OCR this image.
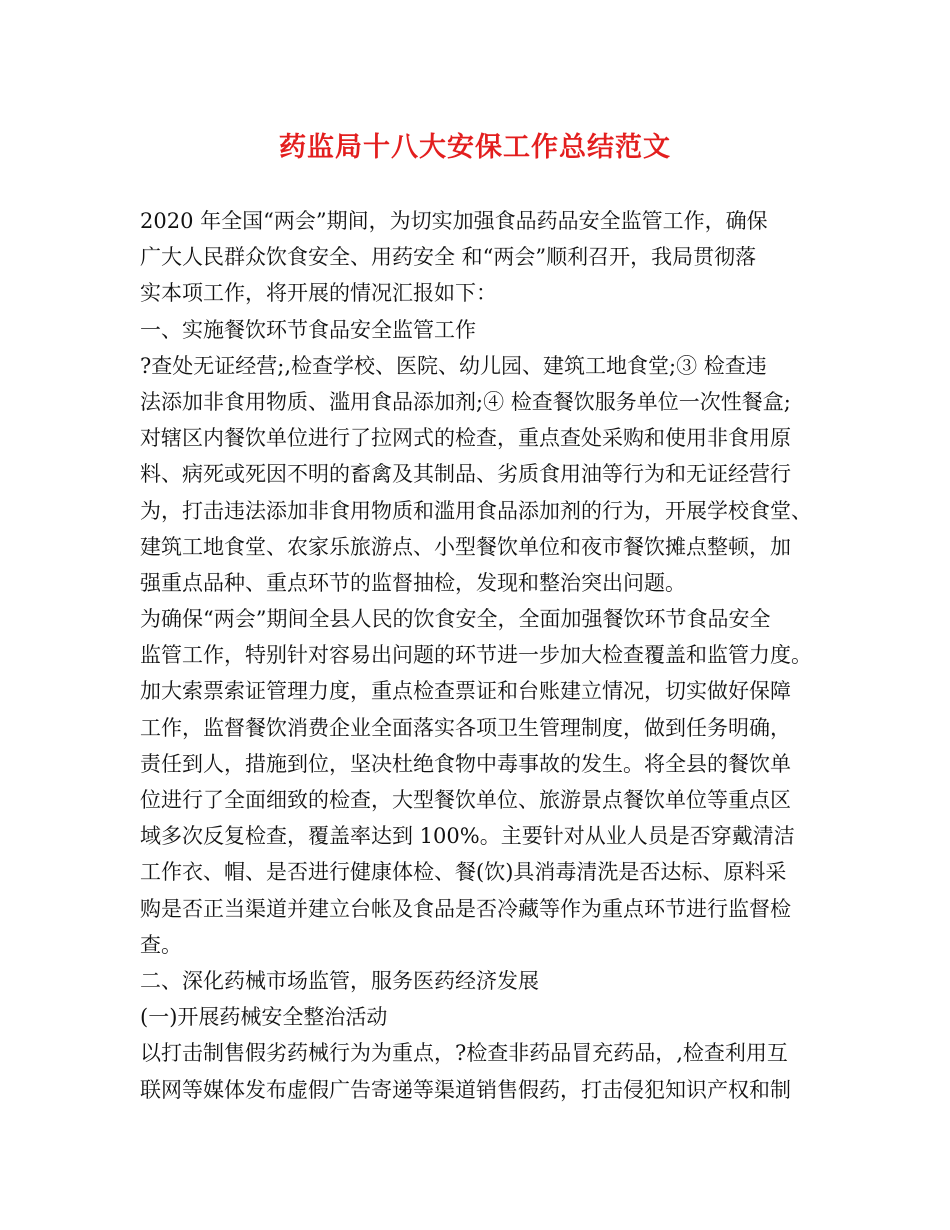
药监局十八大安保工作总结范文
2020 年全国“两会”期间，为切实加强食品药品安全监管工作，确保
广大人民群众饮食安全、用药安全 和“两会”顺利召开，我局贯彻落
实本项工作，将开展的情况汇报如下：
一、实施餐饮环节食品安全监管工作
?查处无证经营;,检查学校、医院、幼儿园、建筑工地食堂;③ 检查违
法添加非食用物质、滥用食品添加剂;④ 检查餐饮服务单位一次性餐盒;
对辖区内餐饮单位进行了拉网式的检查，重点查处采购和使用非食用原
料、病死或死因不明的畜禽及其制品、劣质食用油等行为和无证经营行
为，打击违法添加非食用物质和滥用食品添加剂的行为，开展学校食堂、
建筑工地食堂、农家乐旅游点、小型餐饮单位和夜市餐饮摊点整顿，加
强重点品种、重点环节的监督抽检，发现和整治突出问题。
为确保“两会”期间全县人民的饮食安全，全面加强餐饮环节食品安全
监管工作，特别针对容易出问题的环节进一步加大检查覆盖和监管力度。
加大索票索证管理力度，重点检查票证和台账建立情况，切实做好保障
工作，监督餐饮消费企业全面落实各项卫生管理制度，做到任务明确，
责任到人，措施到位，坚决杜绝食物中毒事故的发生。将全县的餐饮单
位进行了全面细致的检查，大型餐饮单位、旅游景点餐饮单位等重点区
域多次反复检查，覆盖率达到 100%。主要针对从业人员是否穿戴清洁
工作衣、帽、是否进行健康体检、餐(饮)具消毒清洗是否达标、原料采
购是否正当渠道并建立台帐及食品是否冷藏等作为重点环节进行监督检
查。
二、深化药械市场监管，服务医药经济发展
(一)开展药械安全整治活动
以打击制售假劣药械行为为重点，?检查非药品冒充药品，,检查利用互
联网等媒体发布虚假广告寄递等渠道销售假药，打击侵犯知识产权和制
